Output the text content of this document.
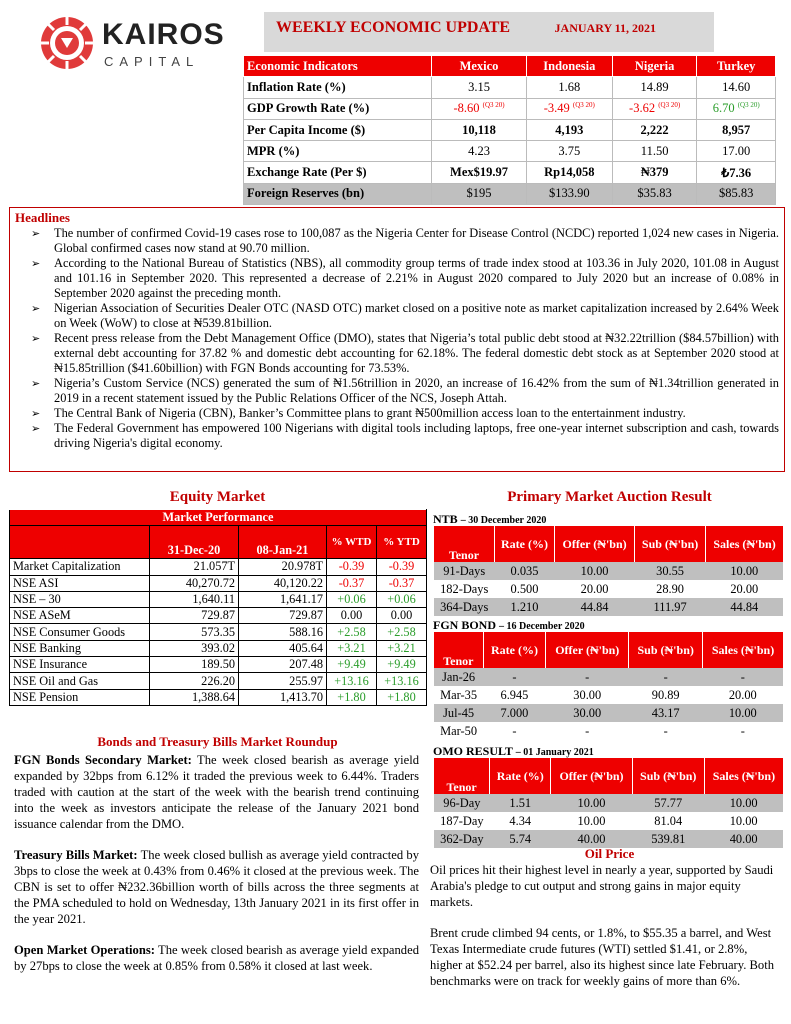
KAIROS
CAPITAL
WEEKLY ECONOMIC UPDATE	JANUARY 11, 2021
Economic Indicators	Mexico	Indonesia	Nigeria	Turkey
Inflation Rate (%)	3.15	1.68	14.89	14.60
GDP Growth Rate (%)	-8.60 $^{(Q3 20)}$	-3.49 $^{(Q3 20)}$	-3.62 $^{(Q3 20)}$	6.70 $^{(Q3 20)}$
Per Capita Income ($)	10,118	4,193	2,222	8,957
MPR (%)	4.23	3.75	11.50	17.00
Exchange Rate (Per $)	Mex$19.97	Rp14,058	₦379	₺7.36
Foreign Reserves (bn)	$195	$133.90	$35.83	$85.83
Headlines
➢ The number of confirmed Covid-19 cases rose to 100,087 as the Nigeria Center for Disease Control (NCDC) reported 1,024 new cases in Nigeria. Global confirmed cases now stand at 90.70 million.
➢ According to the National Bureau of Statistics (NBS), all commodity group terms of trade index stood at 103.36 in July 2020, 101.08 in August and 101.16 in September 2020. This represented a decrease of 2.21% in August 2020 compared to July 2020 but an increase of 0.08% in September 2020 against the preceding month.
➢ Nigerian Association of Securities Dealer OTC (NASD OTC) market closed on a positive note as market capitalization increased by 2.64% Week on Week (WoW) to close at ₦539.81billion.
➢ Recent press release from the Debt Management Office (DMO), states that Nigeria’s total public debt stood at ₦32.22trillion ($84.57billion) with external debt accounting for 37.82 % and domestic debt accounting for 62.18%. The federal domestic debt stock as at September 2020 stood at ₦15.85trillion ($41.60billion) with FGN Bonds accounting for 73.53%.
➢ Nigeria’s Custom Service (NCS) generated the sum of ₦1.56trillion in 2020, an increase of 16.42% from the sum of ₦1.34trillion generated in 2019 in a recent statement issued by the Public Relations Officer of the NCS, Joseph Attah.
➢ The Central Bank of Nigeria (CBN), Banker’s Committee plans to grant ₦500million access loan to the entertainment industry.
➢ The Federal Government has empowered 100 Nigerians with digital tools including laptops, free one-year internet subscription and cash, towards driving Nigeria's digital economy.
Equity Market
Market Performance				
	31-Dec-20	08-Jan-21	% WTD	% YTD
Market Capitalization	21.057T	20.978T	-0.39	-0.39
NSE ASI	40,270.72	40,120.22	-0.37	-0.37
NSE – 30	1,640.11	1,641.17	+0.06	+0.06
NSE ASeM	729.87	729.87	0.00	0.00
NSE Consumer Goods	573.35	588.16	+2.58	+2.58
NSE Banking	393.02	405.64	+3.21	+3.21
NSE Insurance	189.50	207.48	+9.49	+9.49
NSE Oil and Gas	226.20	255.97	+13.16	+13.16
NSE Pension	1,388.64	1,413.70	+1.80	+1.80
Bonds and Treasury Bills Market Roundup

FGN Bonds Secondary Market: The week closed bearish as average yield expanded by 32bps from 6.12% it traded the previous week to 6.44%. Traders traded with caution at the start of the week with the bearish trend continuing into the week as investors anticipate the release of the January 2021 bond issuance calendar from the DMO.

Treasury Bills Market: The week closed bullish as average yield contracted by 3bps to close the week at 0.43% from 0.46% it closed at the previous week. The CBN is set to offer ₦232.36billion worth of bills across the three segments at the PMA scheduled to hold on Wednesday, 13th January 2021 in its first offer in the year 2021.

Open Market Operations: The week closed bearish as average yield expanded by 27bps to close the week at 0.85% from 0.58% it closed at last week.

Primary Market Auction Result
NTB – 30 December 2020
Tenor	Rate (%)	Offer (₦'bn)	Sub (₦'bn)	Sales (₦'bn)
91-Days	0.035	10.00	30.55	10.00
182-Days	0.500	20.00	28.90	20.00
364-Days	1.210	44.84	111.97	44.84
FGN BOND – 16 December 2020
Tenor	Rate (%)	Offer (₦'bn)	Sub (₦'bn)	Sales (₦'bn)
Jan-26	-	-	-	-
Mar-35	6.945	30.00	90.89	20.00
Jul-45	7.000	30.00	43.17	10.00
Mar-50	-	-	-	-
OMO RESULT – 01 January 2021
Tenor	Rate (%)	Offer (₦'bn)	Sub (₦'bn)	Sales (₦'bn)
96-Day	1.51	10.00	57.77	10.00
187-Day	4.34	10.00	81.04	10.00
362-Day	5.74	40.00	539.81	40.00
Oil Price

Oil prices hit their highest level in nearly a year, supported by Saudi Arabia's pledge to cut output and strong gains in major equity markets.

Brent crude climbed 94 cents, or 1.8%, to $55.35 a barrel, and West Texas Intermediate crude futures (WTI) settled $1.41, or 2.8%, higher at $52.24 per barrel, also its highest since late February. Both benchmarks were on track for weekly gains of more than 6%.
